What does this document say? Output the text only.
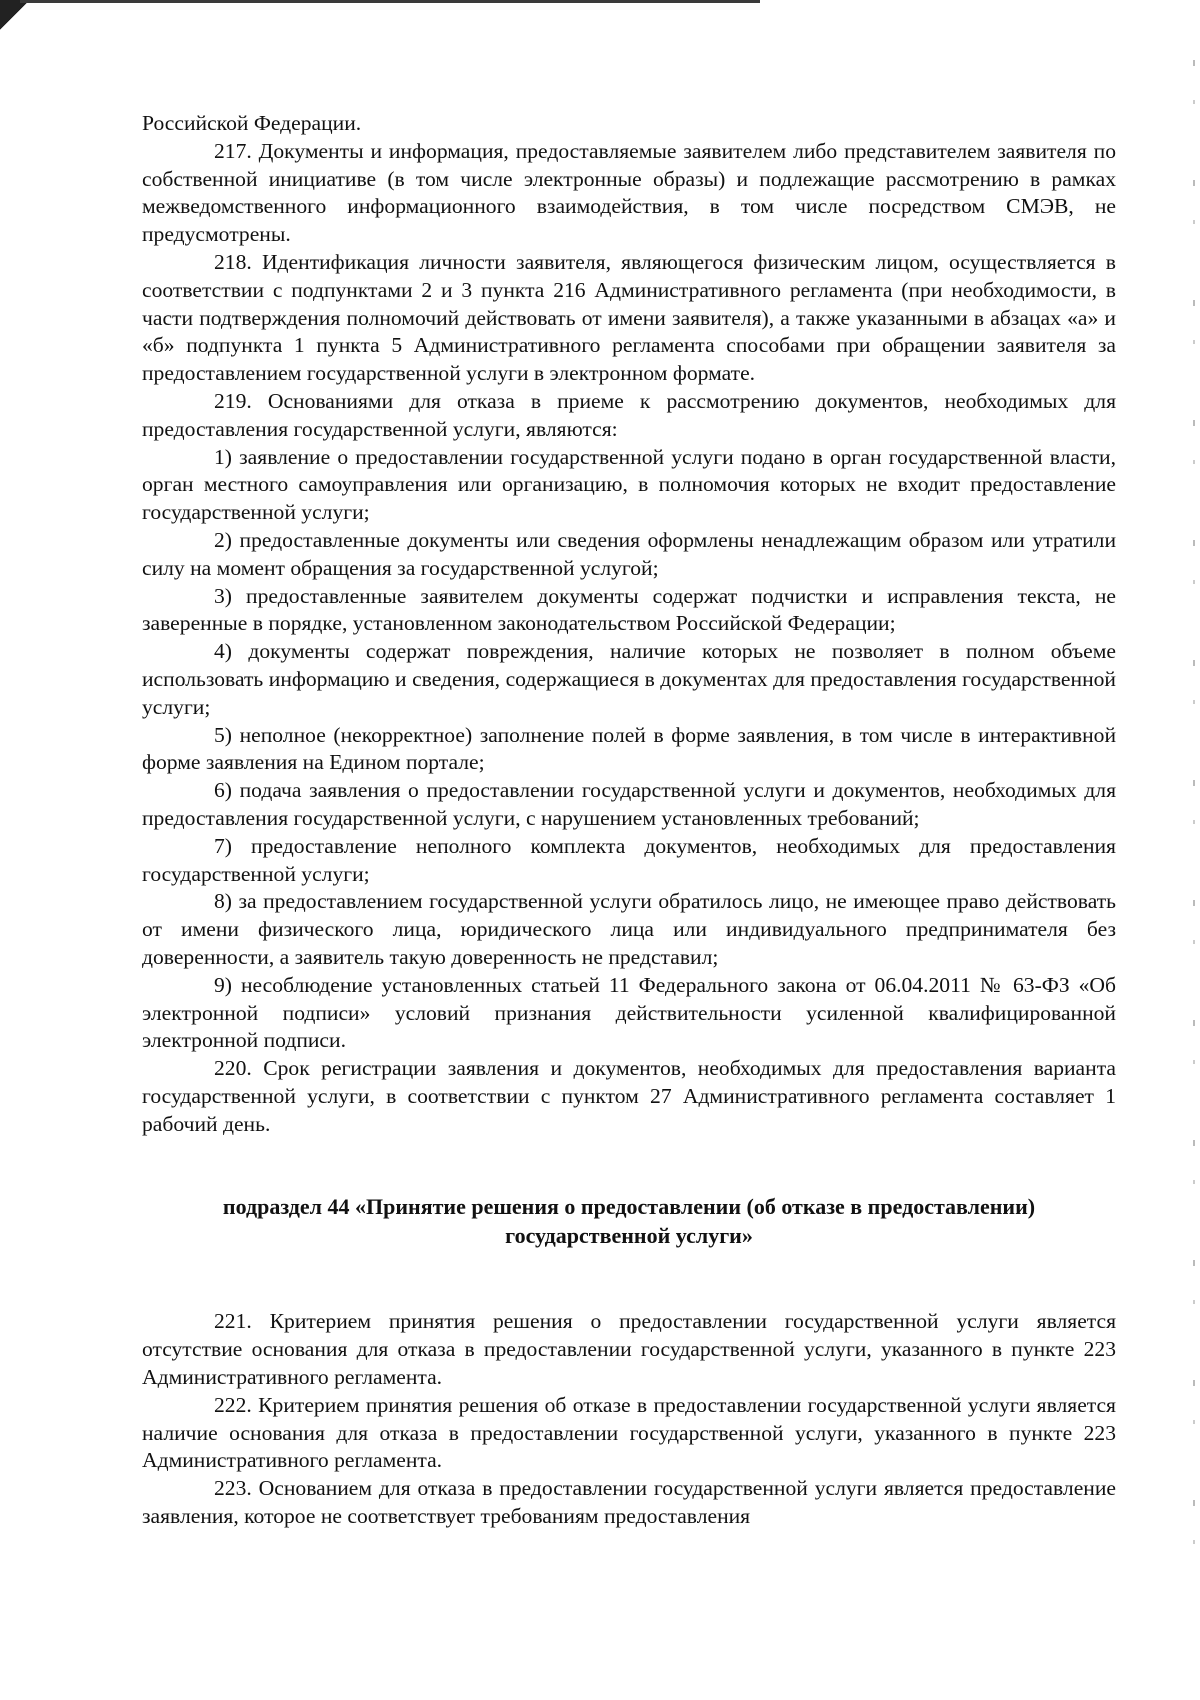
Российской Федерации.

217. Документы и информация, предоставляемые заявителем либо представителем заявителя по собственной инициативе (в том числе электронные образы) и подлежащие рассмотрению в рамках межведомственного информационного взаимодействия, в том числе посредством СМЭВ, не предусмотрены.

218. Идентификация личности заявителя, являющегося физическим лицом, осуществляется в соответствии с подпунктами 2 и 3 пункта 216 Административного регламента (при необходимости, в части подтверждения полномочий действовать от имени заявителя), а также указанными в абзацах «а» и «б» подпункта 1 пункта 5 Административного регламента способами при обращении заявителя за предоставлением государственной услуги в электронном формате.

219. Основаниями для отказа в приеме к рассмотрению документов, необходимых для предоставления государственной услуги, являются:

1) заявление о предоставлении государственной услуги подано в орган государственной власти, орган местного самоуправления или организацию, в полномочия которых не входит предоставление государственной услуги;

2) предоставленные документы или сведения оформлены ненадлежащим образом или утратили силу на момент обращения за государственной услугой;

3) предоставленные заявителем документы содержат подчистки и исправления текста, не заверенные в порядке, установленном законодательством Российской Федерации;

4) документы содержат повреждения, наличие которых не позволяет в полном объеме использовать информацию и сведения, содержащиеся в документах для предоставления государственной услуги;

5) неполное (некорректное) заполнение полей в форме заявления, в том числе в интерактивной форме заявления на Едином портале;

6) подача заявления о предоставлении государственной услуги и документов, необходимых для предоставления государственной услуги, с нарушением установленных требований;

7) предоставление неполного комплекта документов, необходимых для предоставления государственной услуги;

8) за предоставлением государственной услуги обратилось лицо, не имеющее право действовать от имени физического лица, юридического лица или индивидуального предпринимателя без доверенности, а заявитель такую доверенность не представил;

9) несоблюдение установленных статьей 11 Федерального закона от 06.04.2011 № 63-ФЗ «Об электронной подписи» условий признания действительности усиленной квалифицированной электронной подписи.

220. Срок регистрации заявления и документов, необходимых для предоставления варианта государственной услуги, в соответствии с пунктом 27 Административного регламента составляет 1 рабочий день.

подраздел 44 «Принятие решения о предоставлении (об отказе в предоставлении)
государственной услуги»

221. Критерием принятия решения о предоставлении государственной услуги является отсутствие основания для отказа в предоставлении государственной услуги, указанного в пункте 223 Административного регламента.

222. Критерием принятия решения об отказе в предоставлении государственной услуги является наличие основания для отказа в предоставлении государственной услуги, указанного в пункте 223 Административного регламента.

223. Основанием для отказа в предоставлении государственной услуги является предоставление заявления, которое не соответствует требованиям предоставления
